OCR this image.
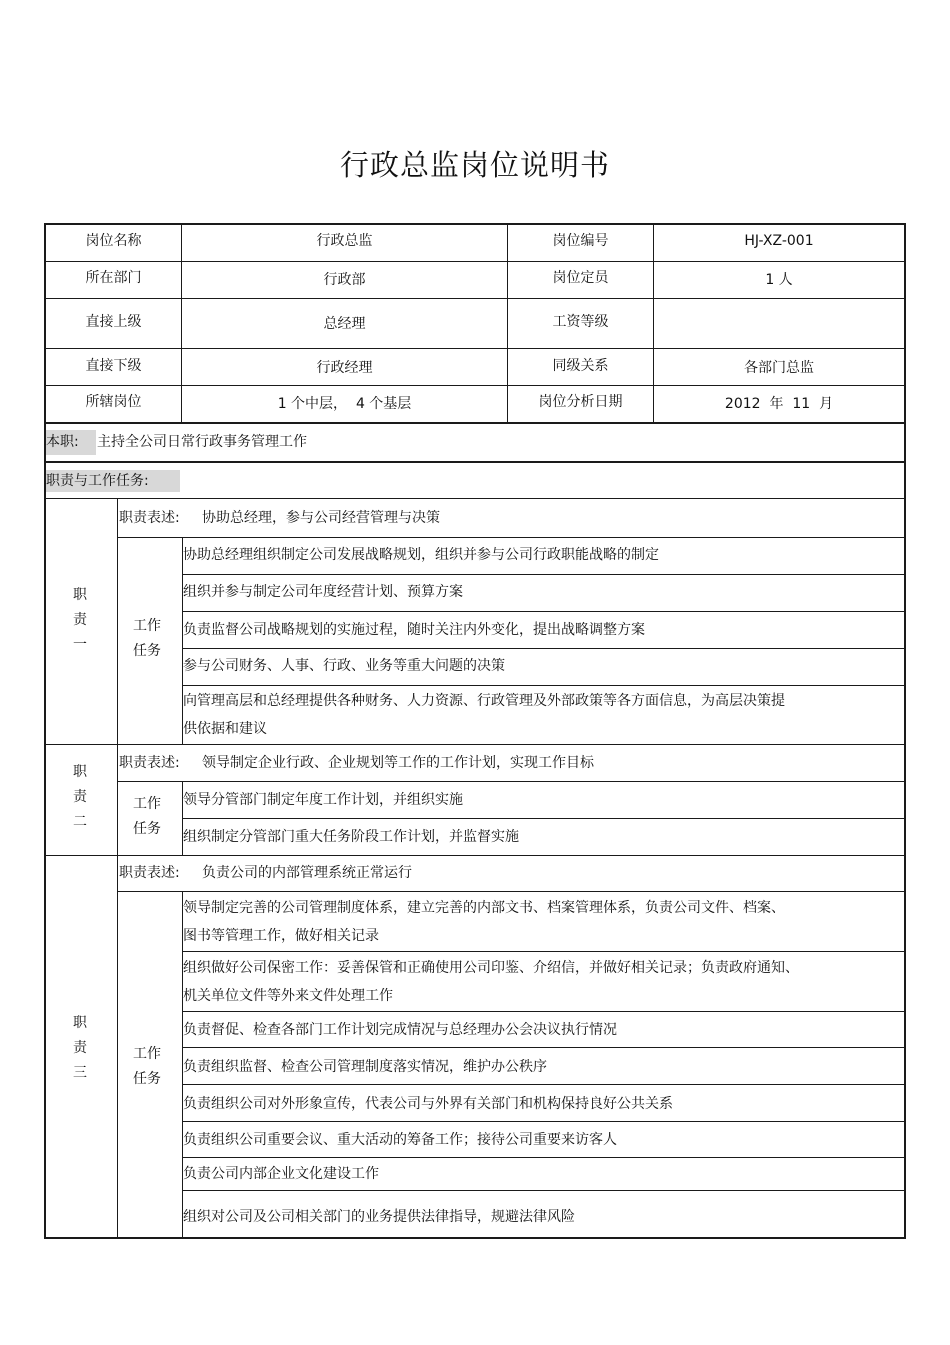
行政总监岗位说明书
岗位名称	行政总监	岗位编号	HJ-XZ-001
所在部门	行政部	岗位定员	1 人
直接上级	总经理	工资等级
直接下级	行政经理	同级关系	各部门总监
所辖岗位	1 个中层，  4 个基层	岗位分析日期	2012  年  11  月
本职: 主持全公司日常行政事务管理工作
职责与工作任务:
职
责
一
职责表述: 协助总经理，参与公司经营管理与决策
工作
任务
协助总经理组织制定公司发展战略规划，组织并参与公司行政职能战略的制定
组织并参与制定公司年度经营计划、预算方案
负责监督公司战略规划的实施过程，随时关注内外变化，提出战略调整方案
参与公司财务、人事、行政、业务等重大问题的决策
向管理高层和总经理提供各种财务、人力资源、行政管理及外部政策等各方面信息，为高层决策提
供依据和建议
职
责
二
职责表述: 领导制定企业行政、企业规划等工作的工作计划，实现工作目标
工作
任务
领导分管部门制定年度工作计划，并组织实施
组织制定分管部门重大任务阶段工作计划，并监督实施
职
责
三
职责表述: 负责公司的内部管理系统正常运行
工作
任务
领导制定完善的公司管理制度体系，建立完善的内部文书、档案管理体系，负责公司文件、档案、
图书等管理工作，做好相关记录
组织做好公司保密工作：妥善保管和正确使用公司印鉴、介绍信，并做好相关记录；负责政府通知、
机关单位文件等外来文件处理工作
负责督促、检查各部门工作计划完成情况与总经理办公会决议执行情况
负责组织监督、检查公司管理制度落实情况，维护办公秩序
负责组织公司对外形象宣传，代表公司与外界有关部门和机构保持良好公共关系
负责组织公司重要会议、重大活动的筹备工作；接待公司重要来访客人
负责公司内部企业文化建设工作
组织对公司及公司相关部门的业务提供法律指导，规避法律风险
